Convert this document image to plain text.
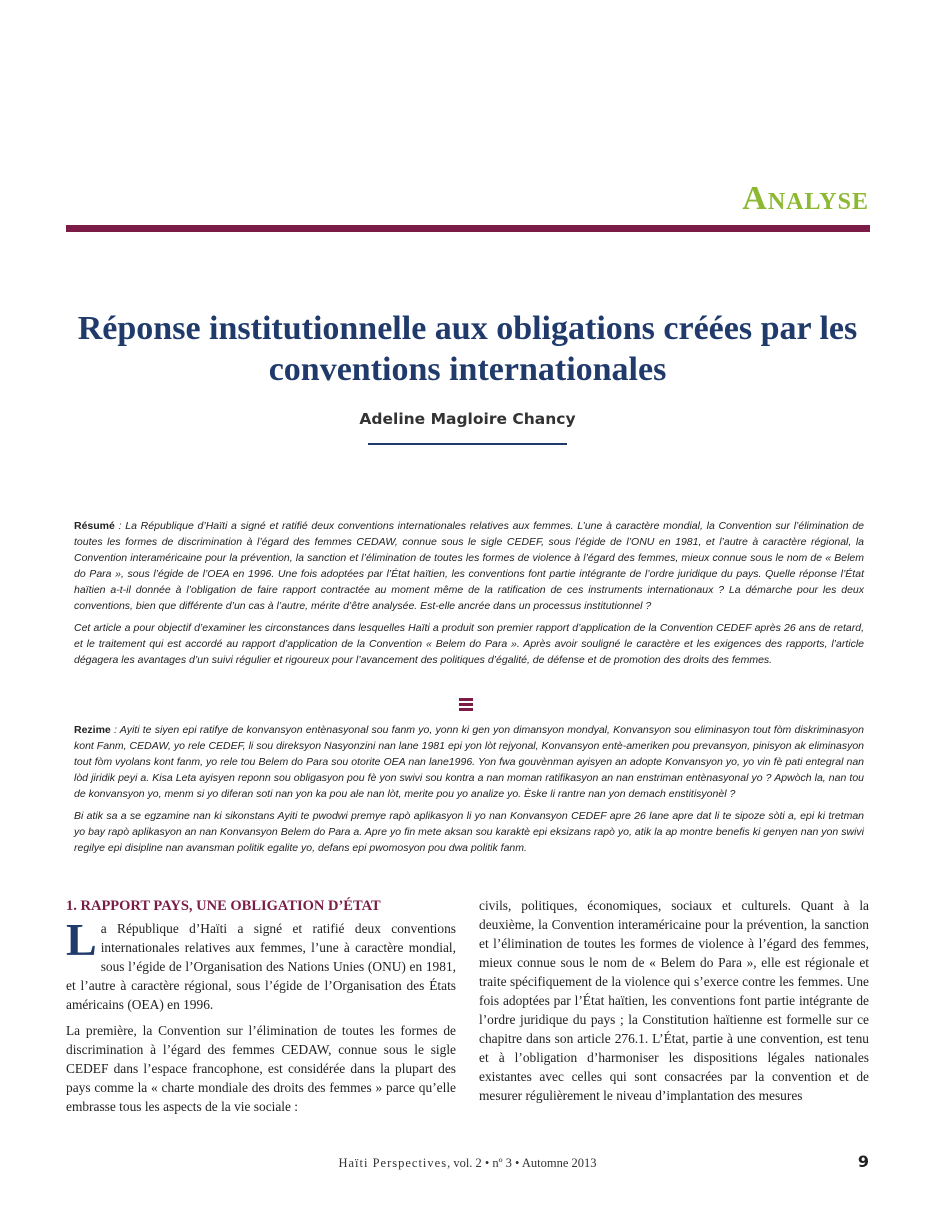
Analyse
Réponse institutionnelle aux obligations créées par les conventions internationales
Adeline Magloire Chancy

Résumé : La République d’Haïti a signé et ratifié deux conventions internationales relatives aux femmes. L’une à caractère mondial, la Convention sur l’élimination de toutes les formes de discrimination à l’égard des femmes CEDAW, connue sous le sigle CEDEF, sous l’égide de l’ONU en 1981, et l’autre à caractère régional, la Convention interaméricaine pour la prévention, la sanction et l’élimination de toutes les formes de violence à l’égard des femmes, mieux connue sous le nom de « Belem do Para », sous l’égide de l’OEA en 1996. Une fois adoptées par l’État haïtien, les conventions font partie intégrante de l’ordre juridique du pays. Quelle réponse l’État haïtien a-t-il donnée à l’obligation de faire rapport contractée au moment même de la ratification de ces instruments internationaux ? La démarche pour les deux conventions, bien que différente d’un cas à l’autre, mérite d’être analysée. Est-elle ancrée dans un processus institutionnel ?

Cet article a pour objectif d’examiner les circonstances dans lesquelles Haïti a produit son premier rapport d’application de la Convention CEDEF après 26 ans de retard, et le traitement qui est accordé au rapport d’application de la Convention « Belem do Para ». Après avoir souligné le caractère et les exigences des rapports, l’article dégagera les avantages d’un suivi régulier et rigoureux pour l’avancement des politiques d’égalité, de défense et de promotion des droits des femmes.

Rezime : Ayiti te siyen epi ratifye de konvansyon entènasyonal sou fanm yo, yonn ki gen yon dimansyon mondyal, Konvansyon sou eliminasyon tout fòm diskriminasyon kont Fanm, CEDAW, yo rele CEDEF, li sou direksyon Nasyonzini nan lane 1981 epi yon lòt rejyonal, Konvansyon entè-ameriken pou prevansyon, pinisyon ak eliminasyon tout fòm vyolans kont fanm, yo rele tou Belem do Para sou otorite OEA nan lane1996. Yon fwa gouvènman ayisyen an adopte Konvansyon yo, yo vin fè pati entegral nan lòd jiridik peyi a. Kisa Leta ayisyen reponn sou obligasyon pou fè yon swivi sou kontra a nan moman ratifikasyon an nan enstriman entènasyonal yo ? Apwòch la, nan tou de konvansyon yo, menm si yo diferan soti nan yon ka pou ale nan lòt, merite pou yo analize yo. Èske li rantre nan yon demach enstitisyonèl ?

Bi atik sa a se egzamine nan ki sikonstans Ayiti te pwodwi premye rapò aplikasyon li yo nan Konvansyon CEDEF apre 26 lane apre dat li te sipoze sòti a, epi ki tretman yo bay rapò aplikasyon an nan Konvansyon Belem do Para a. Apre yo fin mete aksan sou karaktè epi eksizans rapò yo, atik la ap montre benefis ki genyen nan yon swivi regilye epi disipline nan avansman politik egalite yo, defans epi pwomosyon pou dwa politik fanm.

1. RAPPORT PAYS, UNE OBLIGATION D’ÉTAT

La République d’Haïti a signé et ratifié deux conventions internationales relatives aux femmes, l’une à caractère mondial, sous l’égide de l’Organisation des Nations Unies (ONU) en 1981, et l’autre à caractère régional, sous l’égide de l’Organisation des États américains (OEA) en 1996.

La première, la Convention sur l’élimination de toutes les formes de discrimination à l’égard des femmes CEDAW, connue sous le sigle CEDEF dans l’espace francophone, est considérée dans la plupart des pays comme la « charte mondiale des droits des femmes » parce qu’elle embrasse tous les aspects de la vie sociale :

civils, politiques, économiques, sociaux et culturels. Quant à la deuxième, la Convention interaméricaine pour la prévention, la sanction et l’élimination de toutes les formes de violence à l’égard des femmes, mieux connue sous le nom de « Belem do Para », elle est régionale et traite spécifiquement de la violence qui s’exerce contre les femmes. Une fois adoptées par l’État haïtien, les conventions font partie intégrante de l’ordre juridique du pays ; la Constitution haïtienne est formelle sur ce chapitre dans son article 276.1. L’État, partie à une convention, est tenu et à l’obligation d’harmoniser les dispositions légales nationales existantes avec celles qui sont consacrées par la convention et de mesurer régulièrement le niveau d’implantation des mesures

Haïti Perspectives, vol. 2 • nº 3 • Automne 2013	9
